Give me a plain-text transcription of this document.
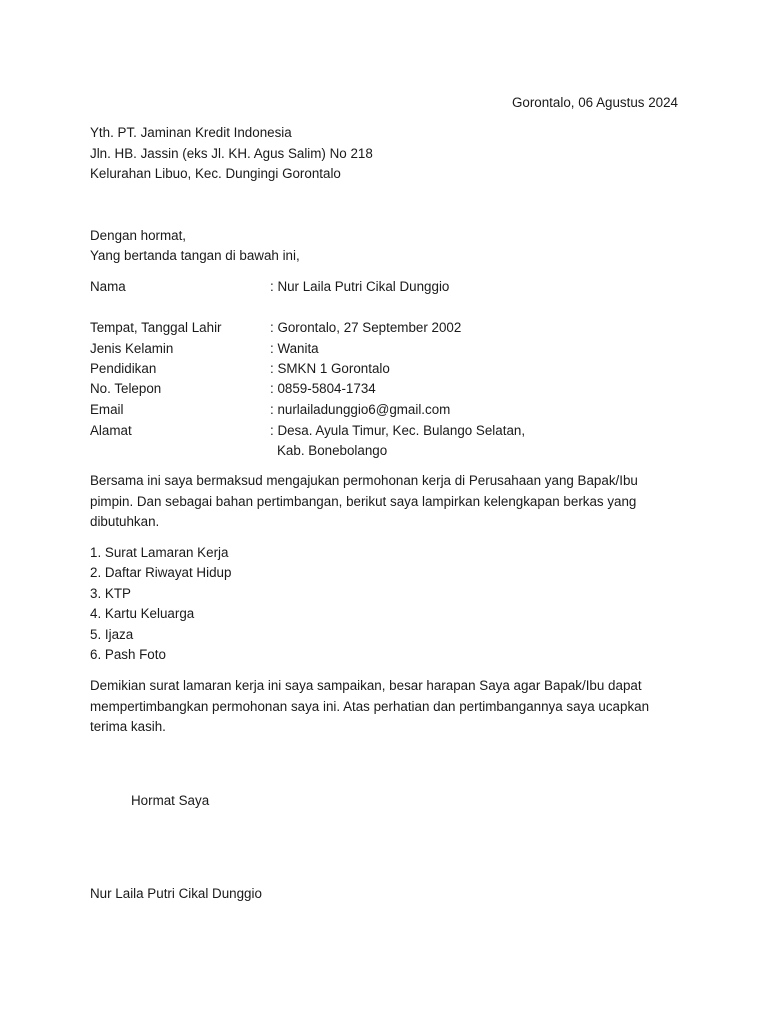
Gorontalo, 06 Agustus 2024
Yth. PT. Jaminan Kredit Indonesia
Jln. HB. Jassin (eks Jl. KH. Agus Salim) No 218
Kelurahan Libuo, Kec. Dungingi Gorontalo
Dengan hormat,
Yang bertanda tangan di bawah ini,
Nama	: Nur Laila Putri Cikal Dunggio
Tempat, Tanggal Lahir	: Gorontalo, 27 September 2002
Jenis Kelamin	: Wanita
Pendidikan	: SMKN 1 Gorontalo
No. Telepon	: 0859-5804-1734
Email	: nurlailadunggio6@gmail.com
Alamat	: Desa. Ayula Timur, Kec. Bulango Selatan,
Kab. Bonebolango
Bersama ini saya bermaksud mengajukan permohonan kerja di Perusahaan yang Bapak/Ibu
pimpin. Dan sebagai bahan pertimbangan, berikut saya lampirkan kelengkapan berkas yang
dibutuhkan.
1. Surat Lamaran Kerja
2. Daftar Riwayat Hidup
3. KTP
4. Kartu Keluarga
5. Ijaza
6. Pash Foto
Demikian surat lamaran kerja ini saya sampaikan, besar harapan Saya agar Bapak/Ibu dapat
mempertimbangkan permohonan saya ini. Atas perhatian dan pertimbangannya saya ucapkan
terima kasih.
Hormat Saya
Nur Laila Putri Cikal Dunggio
